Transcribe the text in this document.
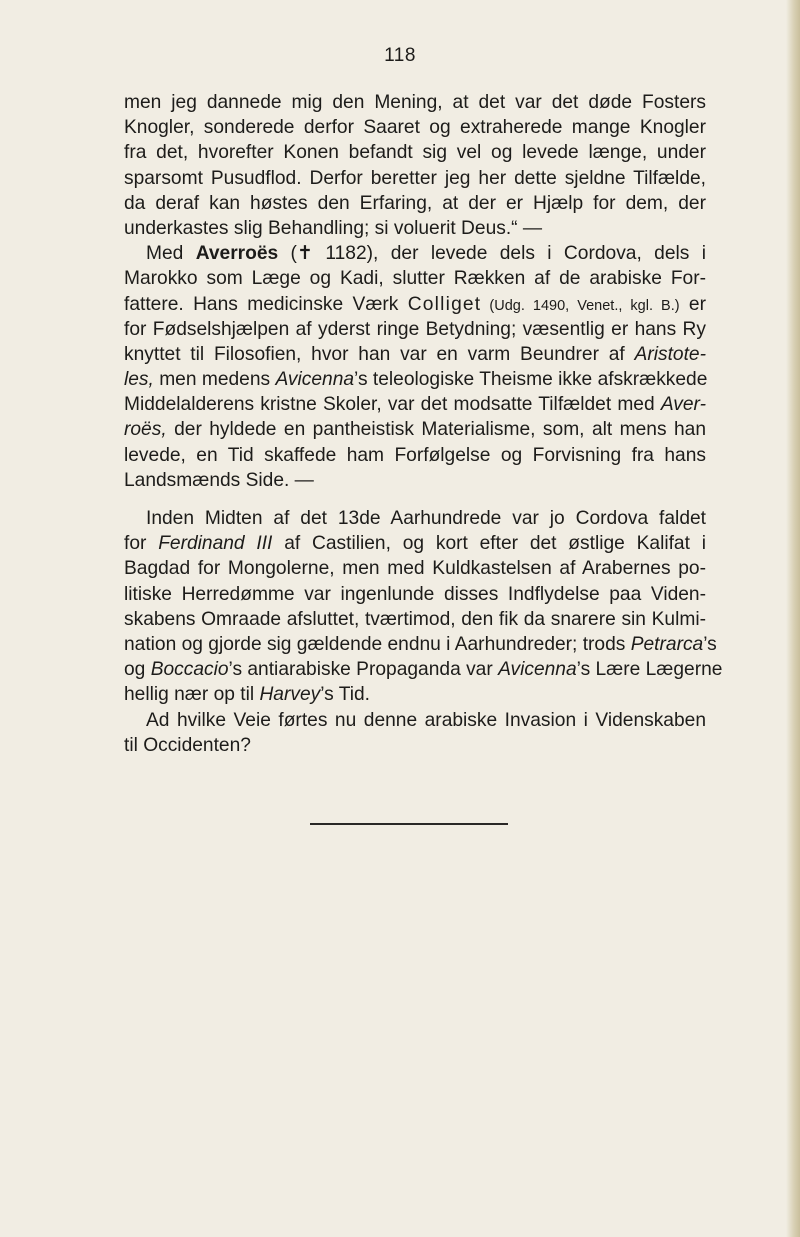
118
men jeg dannede mig den Mening, at det var det døde Fosters
Knogler, sonderede derfor Saaret og extraherede mange Knogler
fra det, hvorefter Konen befandt sig vel og levede længe, under
sparsomt Pusudflod. Derfor beretter jeg her dette sjeldne Tilfælde,
da deraf kan høstes den Erfaring, at der er Hjælp for dem, der
underkastes slig Behandling; si voluerit Deus.“ —
Med Averroës (✝ 1182), der levede dels i Cordova, dels i
Marokko som Læge og Kadi, slutter Rækken af de arabiske For-
fattere. Hans medicinske Værk Colliget (Udg. 1490, Venet., kgl. B.) er
for Fødselshjælpen af yderst ringe Betydning; væsentlig er hans Ry
knyttet til Filosofien, hvor han var en varm Beundrer af Aristote-
les, men medens Avicenna’s teleologiske Theisme ikke afskrækkede
Middelalderens kristne Skoler, var det modsatte Tilfældet med Aver-
roës, der hyldede en pantheistisk Materialisme, som, alt mens han
levede, en Tid skaffede ham Forfølgelse og Forvisning fra hans
Landsmænds Side. —
Inden Midten af det 13de Aarhundrede var jo Cordova faldet
for Ferdinand III af Castilien, og kort efter det østlige Kalifat i
Bagdad for Mongolerne, men med Kuldkastelsen af Arabernes po-
litiske Herredømme var ingenlunde disses Indflydelse paa Viden-
skabens Omraade afsluttet, tværtimod, den fik da snarere sin Kulmi-
nation og gjorde sig gældende endnu i Aarhundreder; trods Petrarca’s
og Boccacio’s antiarabiske Propaganda var Avicenna’s Lære Lægerne
hellig nær op til Harvey’s Tid.
Ad hvilke Veie førtes nu denne arabiske Invasion i Videnskaben
til Occidenten?
